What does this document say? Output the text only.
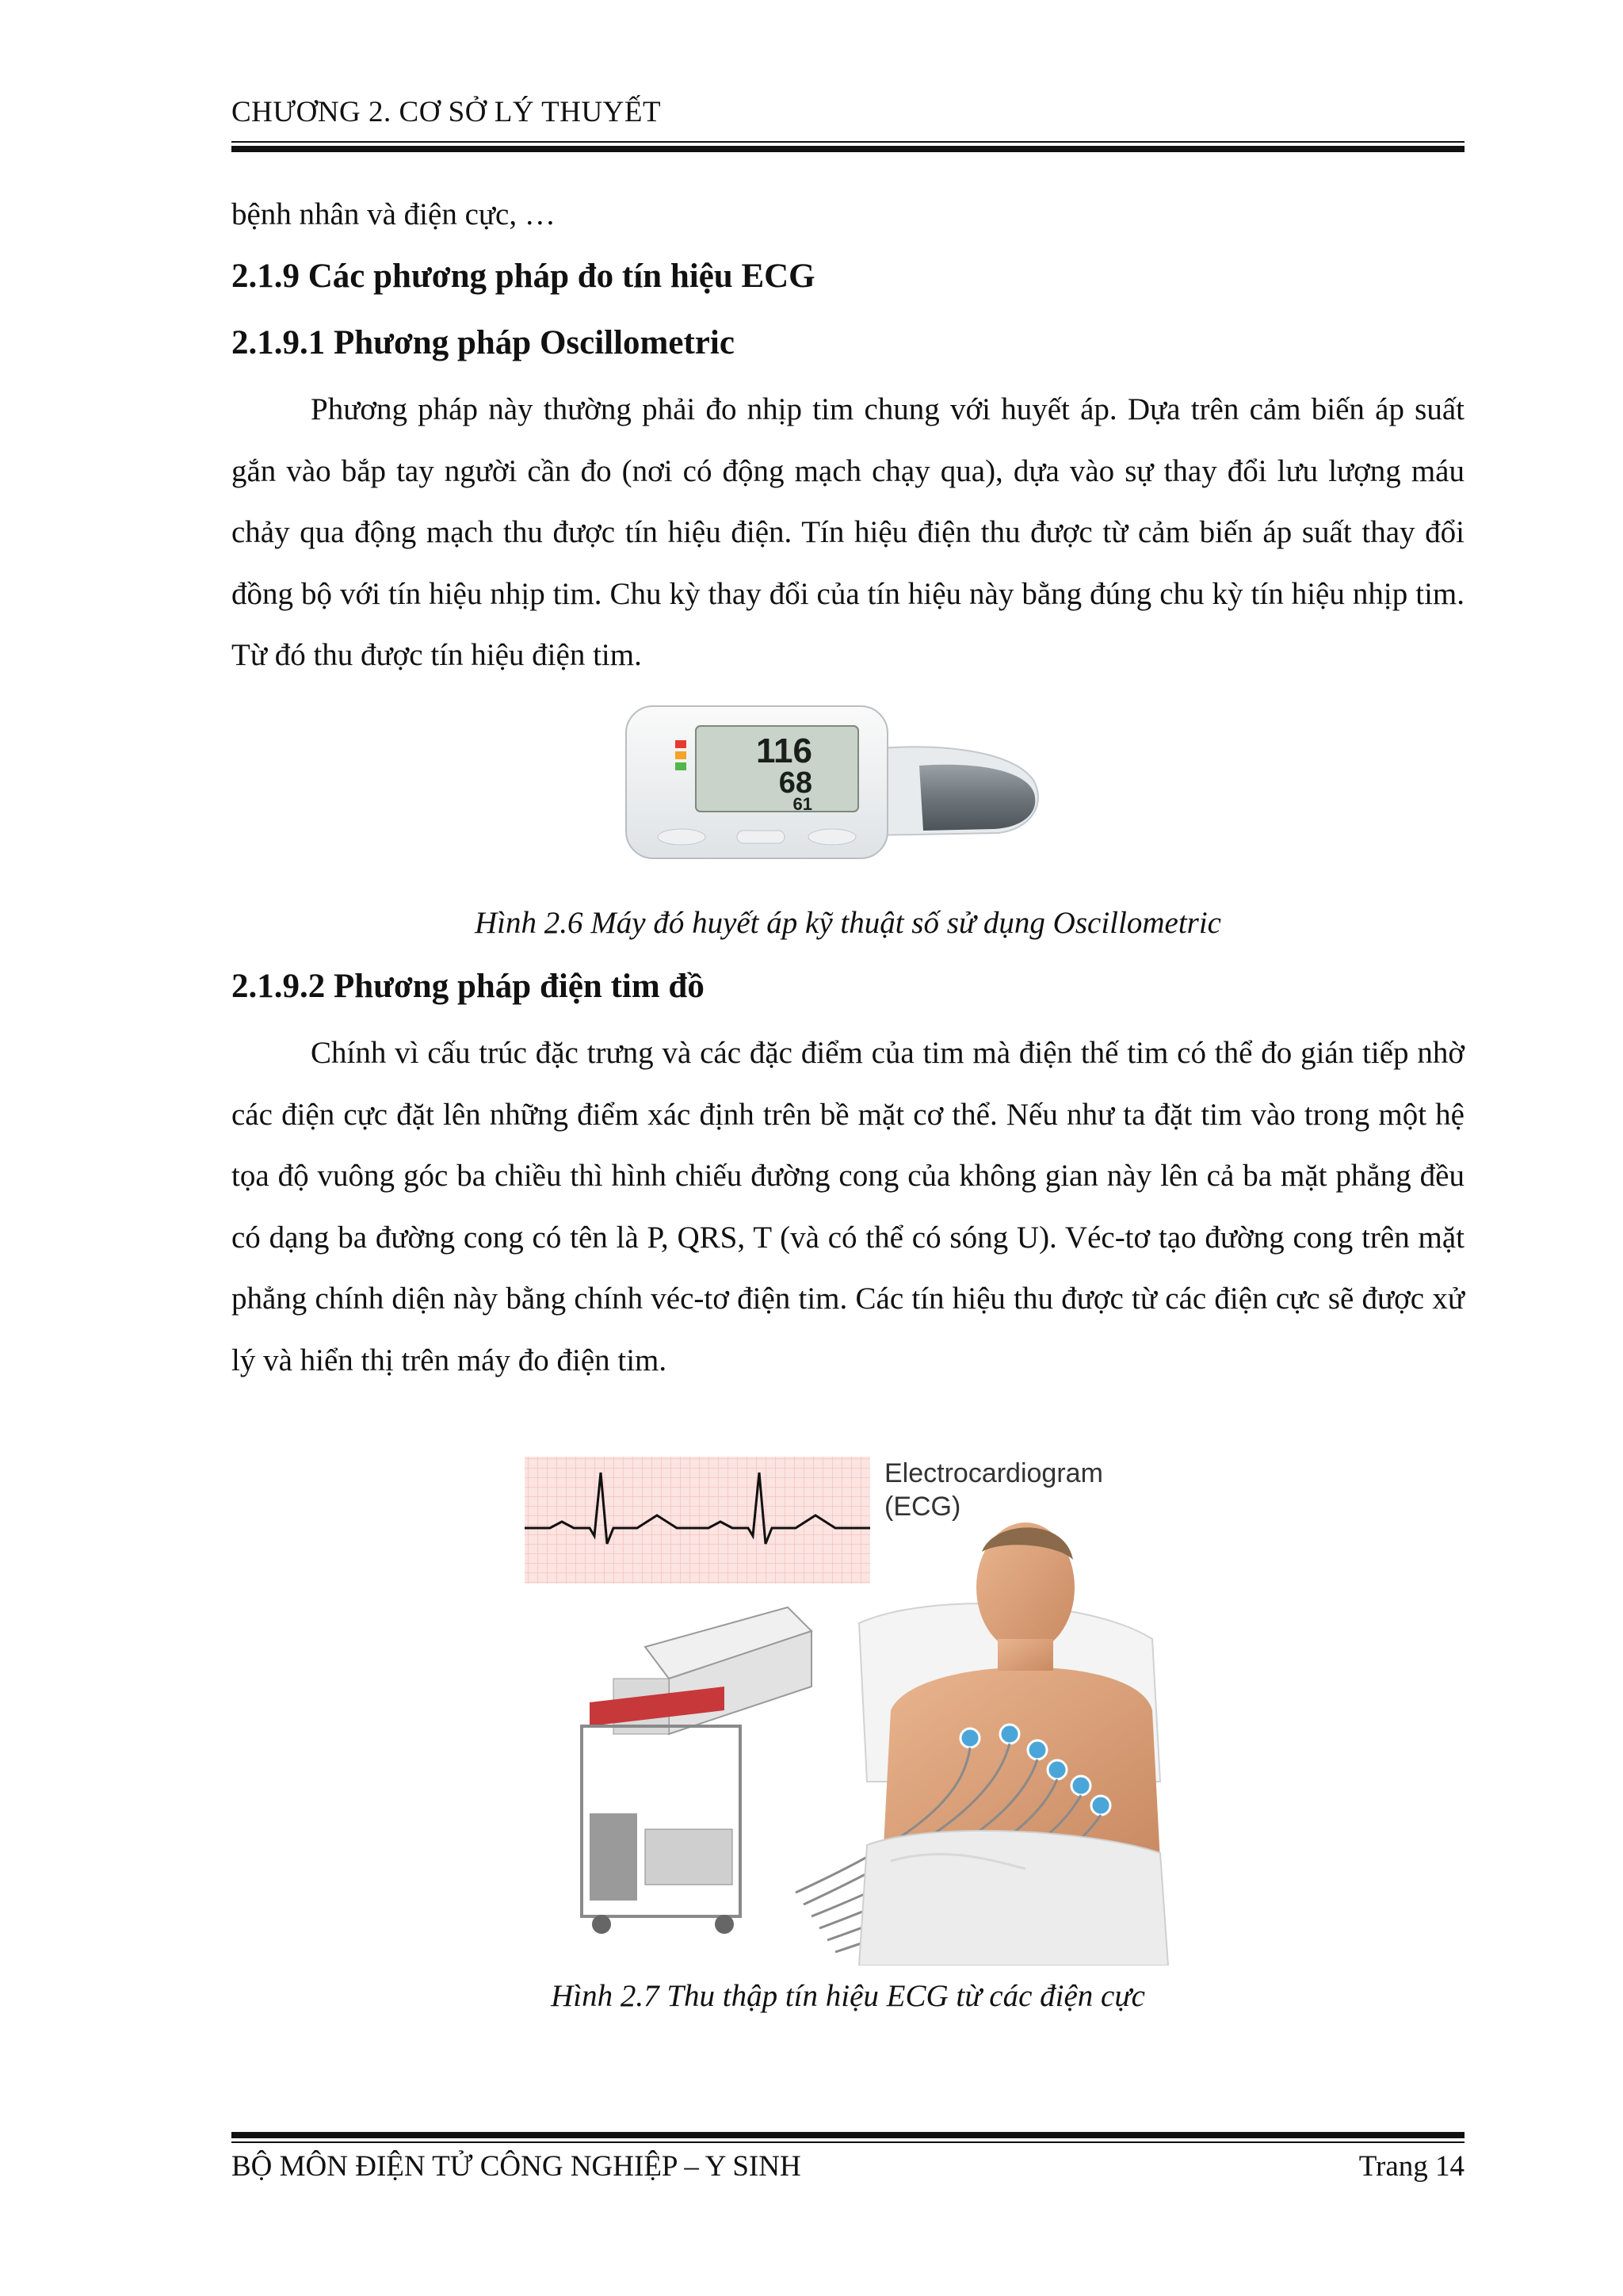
CHƯƠNG 2. CƠ SỞ LÝ THUYẾT
bệnh nhân và điện cực, …
2.1.9 Các phương pháp đo tín hiệu ECG
2.1.9.1 Phương pháp Oscillometric
Phương pháp này thường phải đo nhịp tim chung với huyết áp. Dựa trên cảm biến áp suất gắn vào bắp tay người cần đo (nơi có động mạch chạy qua), dựa vào sự thay đổi lưu lượng máu chảy qua động mạch thu được tín hiệu điện. Tín hiệu điện thu được từ cảm biến áp suất thay đổi đồng bộ với tín hiệu nhịp tim. Chu kỳ thay đổi của tín hiệu này bằng đúng chu kỳ tín hiệu nhịp tim. Từ đó thu được tín hiệu điện tim.
116
68
61
Hình 2.6 Máy đó huyết áp kỹ thuật số sử dụng Oscillometric
2.1.9.2 Phương pháp điện tim đồ
Chính vì cấu trúc đặc trưng và các đặc điểm của tim mà điện thế tim có thể đo gián tiếp nhờ các điện cực đặt lên những điểm xác định trên bề mặt cơ thể. Nếu như ta đặt tim vào trong một hệ tọa độ vuông góc ba chiều thì hình chiếu đường cong của không gian này lên cả ba mặt phẳng đều có dạng ba đường cong có tên là P, QRS, T (và có thể có sóng U). Véc-tơ tạo đường cong trên mặt phẳng chính diện này bằng chính véc-tơ điện tim. Các tín hiệu thu được từ các điện cực sẽ được xử lý và hiển thị trên máy đo điện tim.
Electrocardiogram
(ECG)
Hình 2.7 Thu thập tín hiệu ECG từ các điện cực
BỘ MÔN ĐIỆN TỬ CÔNG NGHIỆP – Y SINH	Trang 14
